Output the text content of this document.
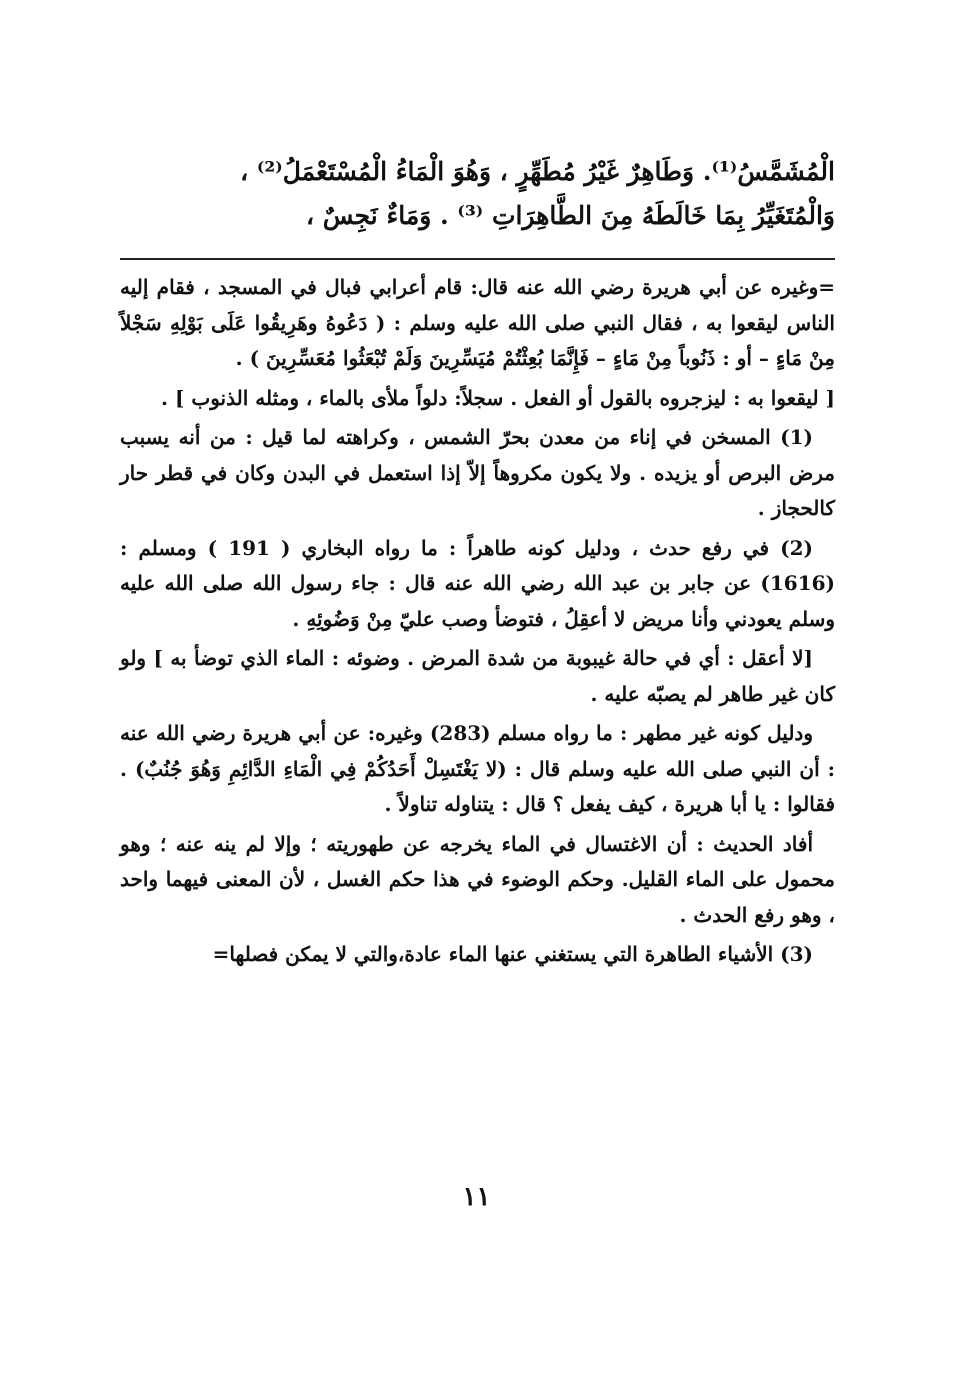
الْمُشَمَّسُ⁽¹⁾. وَطَاهِرٌ غَيْرُ مُطَهِّرٍ ، وَهُوَ الْمَاءُ الْمُسْتَعْمَلُ⁽²⁾ ،

وَالْمُتَغَيِّرُ بِمَا خَالَطَهُ مِنَ الطَّاهِرَاتِ ⁽³⁾ . وَمَاءٌ نَجِسٌ ،

=وغيره عن أبي هريرة رضي الله عنه قال: قام أعرابي فبال في المسجد ، فقام إليه الناس ليقعوا به ، فقال النبي صلى الله عليه وسلم : ( دَعُوهُ وهَرِيقُوا عَلَى بَوْلِهِ سَجْلاً مِنْ مَاءٍ – أو : ذَنُوباً مِنْ مَاءٍ – فَإِنَّمَا بُعِثْتُمْ مُيَسِّرِينَ وَلَمْ تُبْعَثُوا مُعَسِّرِينَ ) .

[ ليقعوا به : ليزجروه بالقول أو الفعل . سجلاً: دلواً ملأى بالماء ، ومثله الذنوب ] .

(1) المسخن في إناء من معدن بحرّ الشمس ، وكراهته لما قيل : من أنه يسبب مرض البرص أو يزيده . ولا يكون مكروهاً إلاّ إذا استعمل في البدن وكان في قطر حار كالحجاز .

(2) في رفع حدث ، ودليل كونه طاهراً : ما رواه البخاري ( 191 ) ومسلم : (1616) عن جابر بن عبد الله رضي الله عنه قال : جاء رسول الله صلى الله عليه وسلم يعودني وأنا مريض لا أعقِلُ ، فتوضأ وصب عليّ مِنْ وَضُوئِهِ .

[لا أعقل : أي في حالة غيبوبة من شدة المرض . وضوئه : الماء الذي توضأ به ] ولو كان غير طاهر لم يصبّه عليه .

ودليل كونه غير مطهر : ما رواه مسلم (283) وغيره: عن أبي هريرة رضي الله عنه : أن النبي صلى الله عليه وسلم قال : (لا يَغْتَسِلْ أَحَدُكُمْ فِي الْمَاءِ الدَّائِمِ وَهُوَ جُنُبٌ) . فقالوا : يا أبا هريرة ، كيف يفعل ؟ قال : يتناوله تناولاً .

أفاد الحديث : أن الاغتسال في الماء يخرجه عن طهوريته ؛ وإلا لم ينه عنه ؛ وهو محمول على الماء القليل. وحكم الوضوء في هذا حكم الغسل ، لأن المعنى فيهما واحد ، وهو رفع الحدث .

(3) الأشياء الطاهرة التي يستغني عنها الماء عادة،والتي لا يمكن فصلها=

١١
